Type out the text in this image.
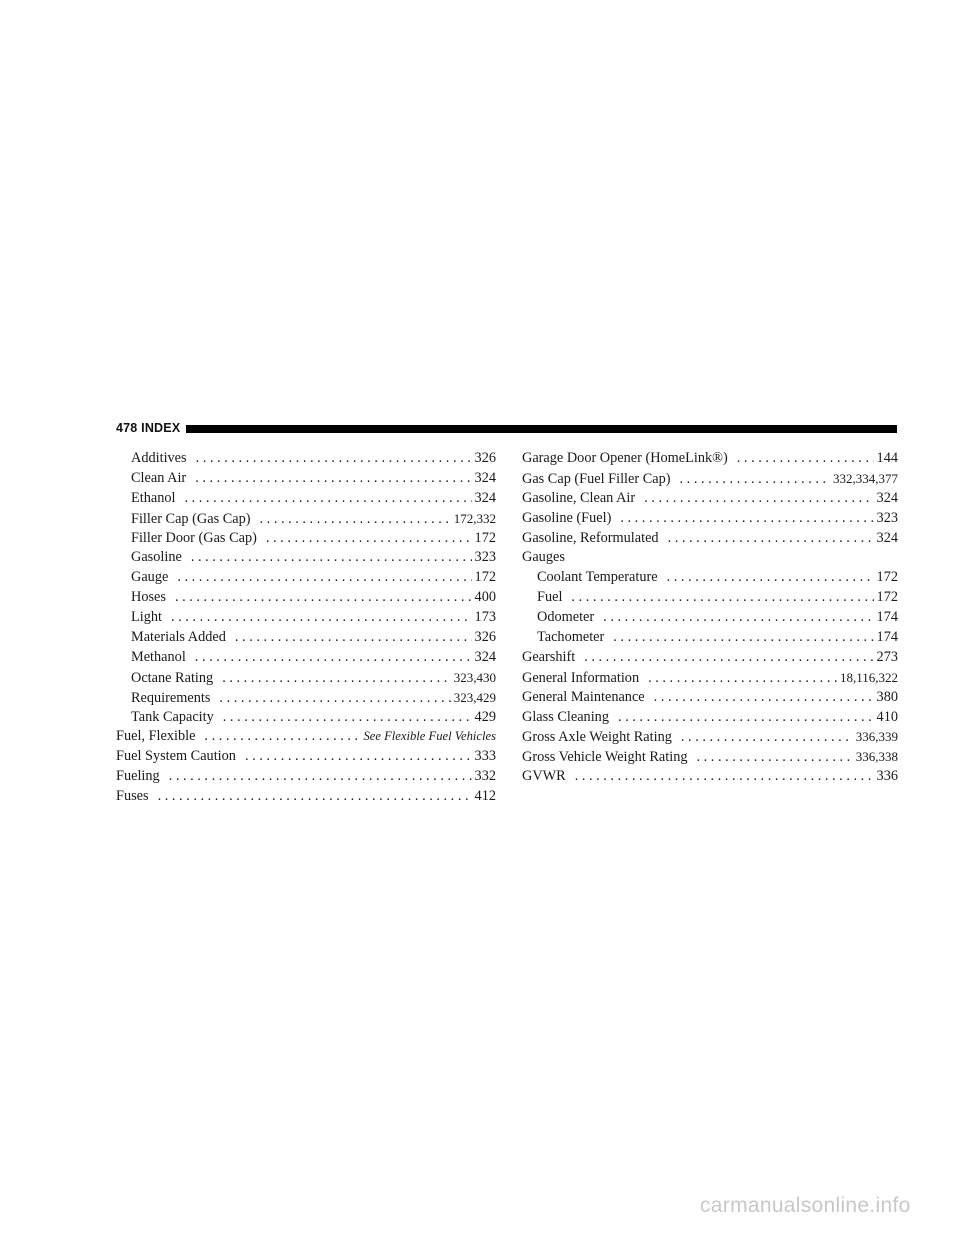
478 INDEX
Additives . . .	326
Clean Air . . .	324
Ethanol . . .	324
Filler Cap (Gas Cap) . . .	172,332
Filler Door (Gas Cap) . . .	172
Gasoline . . .	323
Gauge . . .	172
Hoses . . .	400
Light . . .	173
Materials Added . . .	326
Methanol . . .	324
Octane Rating . . .	323,430
Requirements . . .	323,429
Tank Capacity . . .	429
Fuel, Flexible . . .	See Flexible Fuel Vehicles
Fuel System Caution . . .	333
Fueling . . .	332
Fuses . . .	412
Garage Door Opener (HomeLink®) . . .	144
Gas Cap (Fuel Filler Cap) . . .	332,334,377
Gasoline, Clean Air . . .	324
Gasoline (Fuel) . . .	323
Gasoline, Reformulated . . .	324
Gauges
Coolant Temperature . . .	172
Fuel . . .	172
Odometer . . .	174
Tachometer . . .	174
Gearshift . . .	273
General Information . . .	18,116,322
General Maintenance . . .	380
Glass Cleaning . . .	410
Gross Axle Weight Rating . . .	336,339
Gross Vehicle Weight Rating . . .	336,338
GVWR . . .	336
carmanualsonline.info
